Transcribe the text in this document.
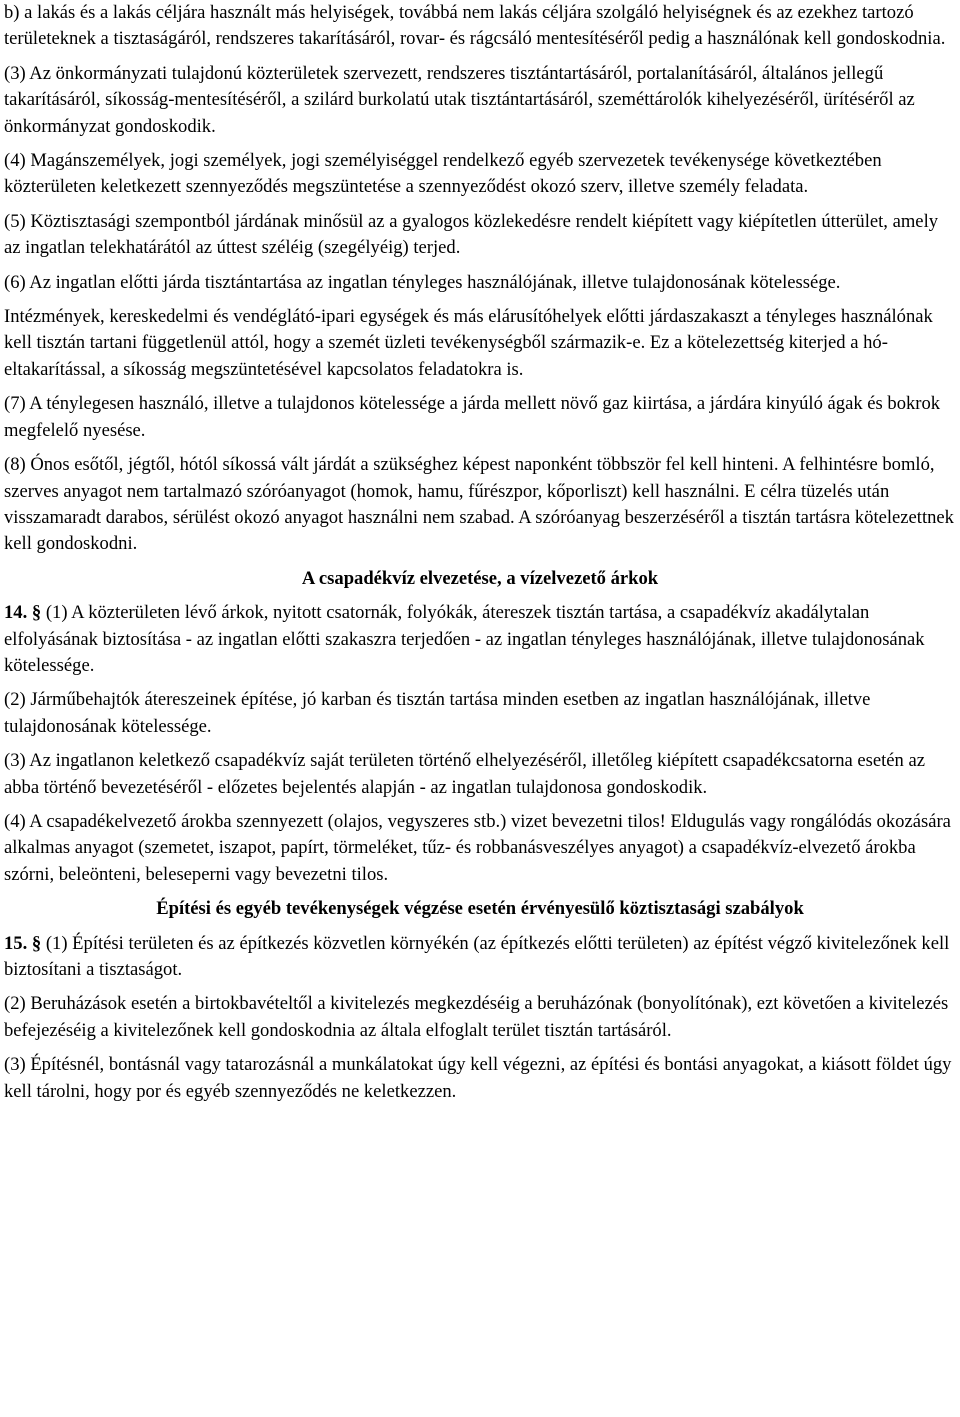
b) a lakás és a lakás céljára használt más helyiségek, továbbá nem lakás céljára szolgáló helyiségnek és az ezekhez tartozó területeknek a tisztaságáról, rendszeres takarításáról, rovar- és rágcsáló mentesítéséről pedig a használónak kell gondoskodnia.

(3) Az önkormányzati tulajdonú közterületek szervezett, rendszeres tisztántartásáról, portalanításáról, általános jellegű takarításáról, síkosság-mentesítéséről, a szilárd burkolatú utak tisztántartásáról, szeméttárolók kihelyezéséről, ürítéséről az önkormányzat gondoskodik.

(4) Magánszemélyek, jogi személyek, jogi személyiséggel rendelkező egyéb szervezetek tevékenysége következtében közterületen keletkezett szennyeződés megszüntetése a szennyeződést okozó szerv, illetve személy feladata.

(5) Köztisztasági szempontból járdának minősül az a gyalogos közlekedésre rendelt kiépített vagy kiépítetlen útterület, amely az ingatlan telekhatárától az úttest széléig (szegélyéig) terjed.

(6) Az ingatlan előtti járda tisztántartása az ingatlan tényleges használójának, illetve tulajdonosának kötelessége.

Intézmények, kereskedelmi és vendéglátó-ipari egységek és más elárusítóhelyek előtti járdaszakaszt a tényleges használónak kell tisztán tartani függetlenül attól, hogy a szemét üzleti tevékenységből származik-e. Ez a kötelezettség kiterjed a hó-eltakarítással, a síkosság megszüntetésével kapcsolatos feladatokra is.

(7) A ténylegesen használó, illetve a tulajdonos kötelessége a járda mellett növő gaz kiirtása, a járdára kinyúló ágak és bokrok megfelelő nyesése.

(8) Ónos esőtől, jégtől, hótól síkossá vált járdát a szükséghez képest naponként többször fel kell hinteni. A felhintésre bomló, szerves anyagot nem tartalmazó szóróanyagot (homok, hamu, fűrészpor, kőporliszt) kell használni. E célra tüzelés után visszamaradt darabos, sérülést okozó anyagot használni nem szabad. A szóróanyag beszerzéséről a tisztán tartásra kötelezettnek kell gondoskodni.

A csapadékvíz elvezetése, a vízelvezető árkok

14. § (1) A közterületen lévő árkok, nyitott csatornák, folyókák, átereszek tisztán tartása, a csapadékvíz akadálytalan elfolyásának biztosítása - az ingatlan előtti szakaszra terjedően - az ingatlan tényleges használójának, illetve tulajdonosának kötelessége.

(2) Járműbehajtók átereszeinek építése, jó karban és tisztán tartása minden esetben az ingatlan használójának, illetve tulajdonosának kötelessége.

(3) Az ingatlanon keletkező csapadékvíz saját területen történő elhelyezéséről, illetőleg kiépített csapadékcsatorna esetén az abba történő bevezetéséről - előzetes bejelentés alapján - az ingatlan tulajdonosa gondoskodik.

(4) A csapadékelvezető árokba szennyezett (olajos, vegyszeres stb.) vizet bevezetni tilos! Eldugulás vagy rongálódás okozására alkalmas anyagot (szemetet, iszapot, papírt, törmeléket, tűz- és robbanásveszélyes anyagot) a csapadékvíz-elvezető árokba szórni, beleönteni, beleseperni vagy bevezetni tilos.

Építési és egyéb tevékenységek végzése esetén érvényesülő köztisztasági szabályok

15. § (1) Építési területen és az építkezés közvetlen környékén (az építkezés előtti területen) az építést végző kivitelezőnek kell biztosítani a tisztaságot.

(2) Beruházások esetén a birtokbavételtől a kivitelezés megkezdéséig a beruházónak (bonyolítónak), ezt követően a kivitelezés befejezéséig a kivitelezőnek kell gondoskodnia az általa elfoglalt terület tisztán tartásáról.

(3) Építésnél, bontásnál vagy tatarozásnál a munkálatokat úgy kell végezni, az építési és bontási anyagokat, a kiásott földet úgy kell tárolni, hogy por és egyéb szennyeződés ne keletkezzen.
